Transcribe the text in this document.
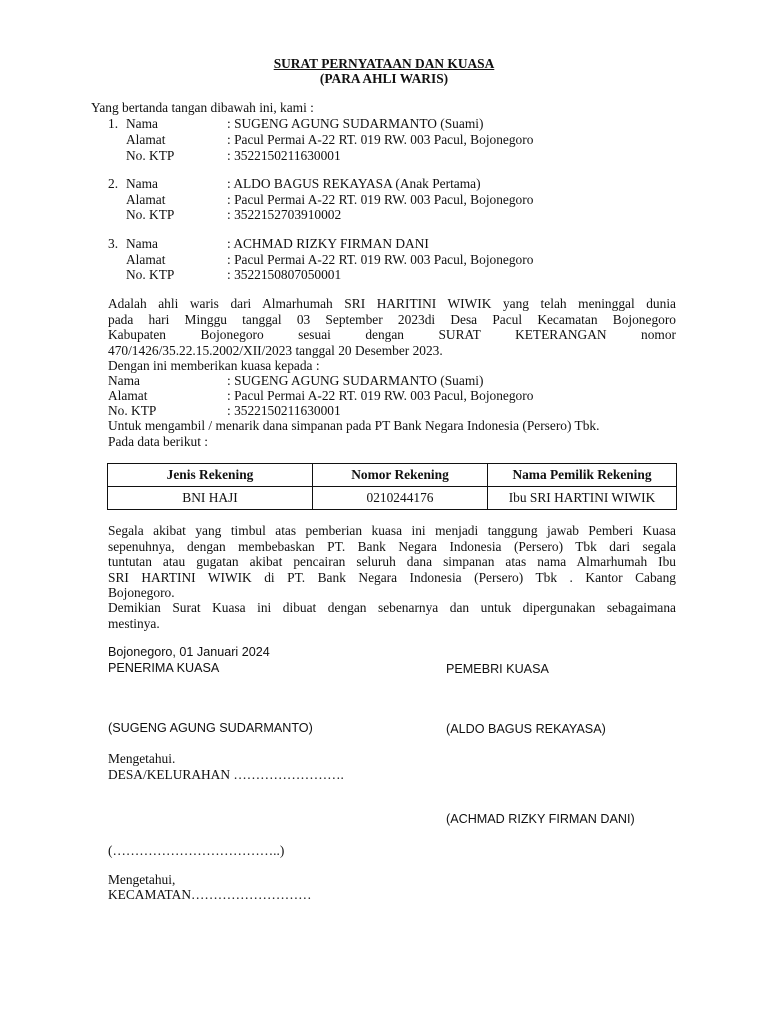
SURAT PERNYATAAN DAN KUASA
(PARA AHLI WARIS)
Yang bertanda tangan dibawah ini, kami :
1. Nama	: SUGENG AGUNG SUDARMANTO (Suami)
Alamat	: Pacul Permai A-22 RT. 019 RW. 003 Pacul, Bojonegoro
No. KTP	: 3522150211630001
2. Nama	: ALDO BAGUS REKAYASA (Anak Pertama)
Alamat	: Pacul Permai A-22 RT. 019 RW. 003 Pacul, Bojonegoro
No. KTP	: 3522152703910002
3. Nama	: ACHMAD RIZKY FIRMAN DANI
Alamat	: Pacul Permai A-22 RT. 019 RW. 003 Pacul, Bojonegoro
No. KTP	: 3522150807050001
Adalah ahli waris dari Almarhumah SRI HARITINI WIWIK yang telah meninggal dunia
pada hari Minggu tanggal 03 September 2023di Desa Pacul Kecamatan Bojonegoro
Kabupaten Bojonegoro sesuai dengan SURAT KETERANGAN nomor
470/1426/35.22.15.2002/XII/2023 tanggal 20 Desember 2023.
Dengan ini memberikan kuasa kepada :
Nama	: SUGENG AGUNG SUDARMANTO (Suami)
Alamat	: Pacul Permai A-22 RT. 019 RW. 003 Pacul, Bojonegoro
No. KTP	: 3522150211630001
Untuk mengambil / menarik dana simpanan pada PT Bank Negara Indonesia (Persero) Tbk.
Pada data berikut :
Jenis Rekening	Nomor Rekening	Nama Pemilik Rekening
BNI HAJI	0210244176	Ibu SRI HARTINI WIWIK
Segala akibat yang timbul atas pemberian kuasa ini menjadi tanggung jawab Pemberi Kuasa
sepenuhnya, dengan membebaskan PT. Bank Negara Indonesia (Persero) Tbk dari segala
tuntutan atau gugatan akibat pencairan seluruh dana simpanan atas nama Almarhumah Ibu
SRI HARTINI WIWIK di PT. Bank Negara Indonesia (Persero) Tbk . Kantor Cabang
Bojonegoro.
Demikian Surat Kuasa ini dibuat dengan sebenarnya dan untuk dipergunakan sebagaimana
mestinya.
Bojonegoro, 01 Januari 2024
PENERIMA KUASA	PEMEBRI KUASA
(SUGENG AGUNG SUDARMANTO)	(ALDO BAGUS REKAYASA)
Mengetahui.
DESA/KELURAHAN …………………….
(ACHMAD RIZKY FIRMAN DANI)
(………………………………..)
Mengetahui,
KECAMATAN………………………
